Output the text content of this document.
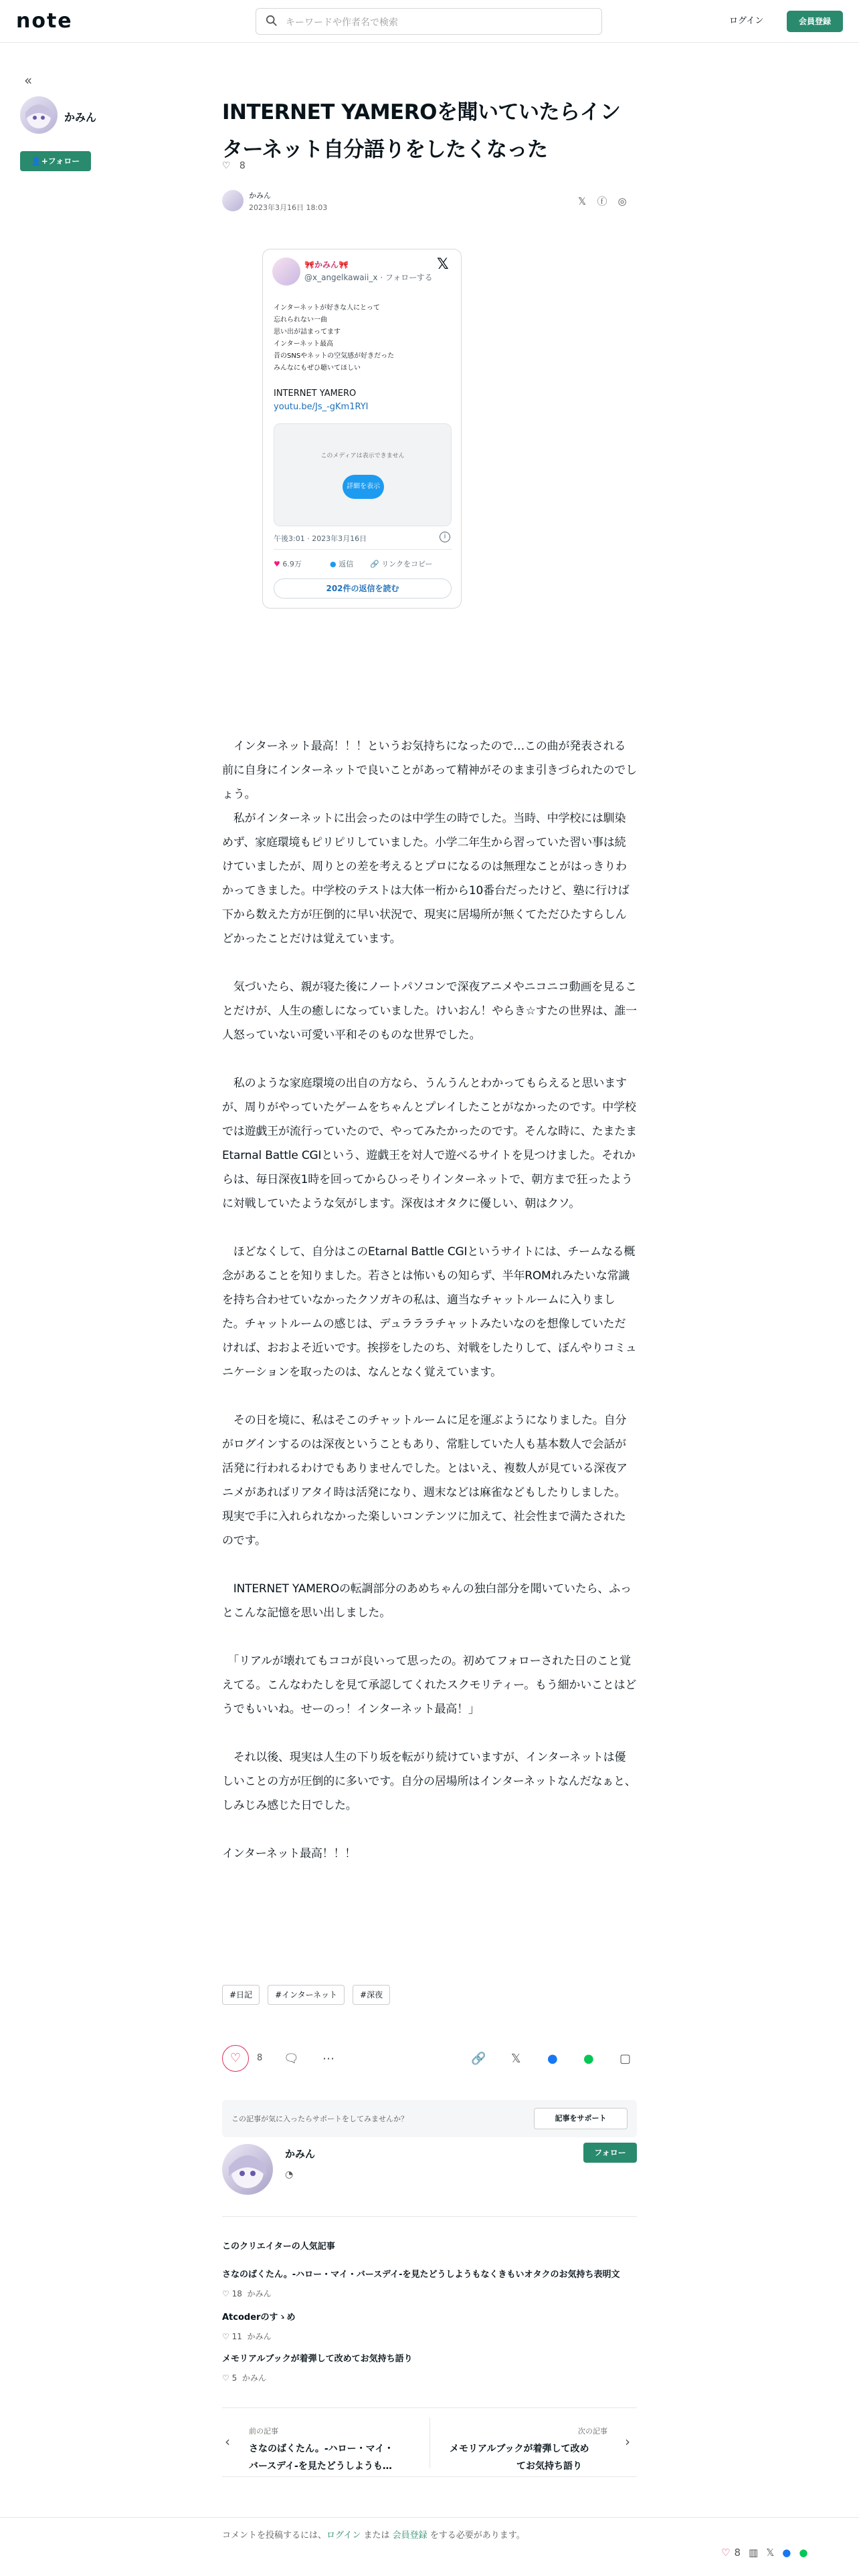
note	キーワードや作者名で検索	ログイン	会員登録
«
かみん
👤+フォロー
INTERNET YAMEROを聞いていたらインターネット自分語りをしたくなった
♡ 8
かみん
2023年3月16日 18:03
𝕏 ⓕ ◎
🎀かみん🎀
@x_angelkawaii_x · フォローする
𝕏
インターネットが好きな人にとって
忘れられない一曲
思い出が詰まってます
インターネット最高
昔のSNSやネットの空気感が好きだった
みんなにもぜひ聴いてほしい
INTERNET YAMERO
youtu.be/Js_-gKm1RYI
このメディアは表示できません
詳細を表示
午後3:01 · 2023年3月16日	i
♥ 6.9万	● 返信 🔗 リンクをコピー
202件の返信を読む

　インターネット最高！！！というお気持ちになったので…この曲が発表される前に自身にインターネットで良いことがあって精神がそのまま引きづられたのでしょう。

　私がインターネットに出会ったのは中学生の時でした。当時、中学校には馴染めず、家庭環境もピリピリしていました。小学二年生から習っていた習い事は続けていましたが、周りとの差を考えるとプロになるのは無理なことがはっきりわかってきました。中学校のテストは大体一桁から10番台だったけど、塾に行けば下から数えた方が圧倒的に早い状況で、現実に居場所が無くてただひたすらしんどかったことだけは覚えています。

　気づいたら、親が寝た後にノートパソコンで深夜アニメやニコニコ動画を見ることだけが、人生の癒しになっていました。けいおん！やらき☆すたの世界は、誰一人怒っていない可愛い平和そのものな世界でした。

　私のような家庭環境の出自の方なら、うんうんとわかってもらえると思いますが、周りがやっていたゲームをちゃんとプレイしたことがなかったのです。中学校では遊戯王が流行っていたので、やってみたかったのです。そんな時に、たまたまEtarnal Battle CGIという、遊戯王を対人で遊べるサイトを見つけました。それからは、毎日深夜1時を回ってからひっそりインターネットで、朝方まで狂ったように対戦していたような気がします。深夜はオタクに優しい、朝はクソ。

　ほどなくして、自分はこのEtarnal Battle CGIというサイトには、チームなる概念があることを知りました。若さとは怖いもの知らず、半年ROMれみたいな常識を持ち合わせていなかったクソガキの私は、適当なチャットルームに入りました。チャットルームの感じは、デュラララチャットみたいなのを想像していただければ、おおよそ近いです。挨拶をしたのち、対戦をしたりして、ぼんやりコミュニケーションを取ったのは、なんとなく覚えています。

　その日を境に、私はそこのチャットルームに足を運ぶようになりました。自分がログインするのは深夜ということもあり、常駐していた人も基本数人で会話が活発に行われるわけでもありませんでした。とはいえ、複数人が見ている深夜アニメがあればリアタイ時は活発になり、週末などは麻雀などもしたりしました。現実で手に入れられなかった楽しいコンテンツに加えて、社会性まで満たされたのです。

　INTERNET YAMEROの転調部分のあめちゃんの独白部分を聞いていたら、ふっとこんな記憶を思い出しました。

　「リアルが壊れてもココが良いって思ったの。初めてフォローされた日のこと覚えてる。こんなわたしを見て承認してくれたスクモリティー。もう細かいことはどうでもいいね。せーのっ！インターネット最高！」

　それ以後、現実は人生の下り坂を転がり続けていますが、インターネットは優しいことの方が圧倒的に多いです。自分の居場所はインターネットなんだなぁと、しみじみ感じた日でした。

インターネット最高！！！

#日記	#インターネット	#深夜
♡	8 🗨 ⋯	🔗 𝕏 ● ● ▢
この記事が気に入ったらサポートをしてみませんか？	記事をサポート
かみん
◔
フォロー
このクリエイターの人気記事
さなのばくたん。-ハロー・マイ・バースデイ-を見たどうしようもなくきもいオタクのお気持ち表明文
♡ 18 かみん
Atcoderのすゝめ
♡ 11 かみん
メモリアルブックが着弾して改めてお気持ち語り
♡ 5 かみん
‹
前の記事
さなのばくたん。-ハロー・マイ・
バースデイ-を見たどうしようも…
次の記事
メモリアルブックが着弾して改め
てお気持ち語り
›
コメントを投稿するには、ログイン または 会員登録 をする必要があります。
♡ 8 ▥ 𝕏 ● ●
